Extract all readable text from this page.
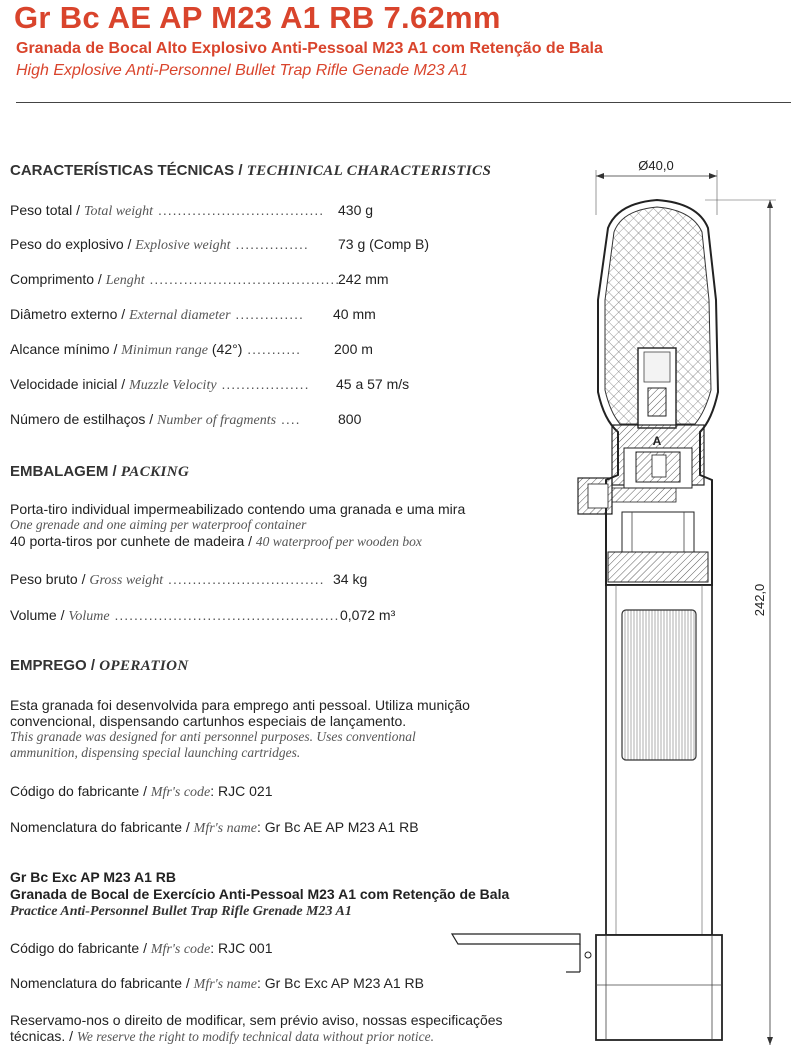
Gr Bc AE AP M23 A1 RB 7.62mm
Granada de Bocal Alto Explosivo Anti-Pessoal M23 A1 com Retenção de Bala
High Explosive Anti-Personnel Bullet Trap Rifle Genade M23 A1
CARACTERÍSTICAS TÉCNICAS / TECHINICAL CHARACTERISTICS
Peso total / Total weight .................................. 430 g
Peso do explosivo / Explosive weight ............... 73 g (Comp B)
Comprimento / Lenght .......................................
242 mm
Diâmetro externo / External diameter .............. 40 mm
Alcance mínimo / Minimun range (42°) ........... 200 m
Velocidade inicial / Muzzle Velocity .................. 45 a 57 m/s
Número de estilhaços / Number of fragments ....	800
EMBALAGEM / PACKING
Porta-tiro individual impermeabilizado contendo uma granada e uma mira
One grenade and one aiming per waterproof container
40 porta-tiros por cunhete de madeira / 40 waterproof per wooden box
Peso bruto / Gross weight ................................ 34 kg
Volume / Volume .............................................. 0,072 m³
EMPREGO / OPERATION
Esta granada foi desenvolvida para emprego anti pessoal. Utiliza munição
convencional, dispensando cartunhos especiais de lançamento.
This granade was designed for anti personnel purposes. Uses conventional
ammunition, dispensing special launching cartridges.
Código do fabricante / Mfr's code: RJC 021
Nomenclatura do fabricante / Mfr's name: Gr Bc AE AP M23 A1 RB
Gr Bc Exc AP M23 A1 RB
Granada de Bocal de Exercício Anti-Pessoal M23 A1 com Retenção de Bala
Practice Anti-Personnel Bullet Trap Rifle Grenade M23 A1
Código do fabricante / Mfr's code: RJC 001
Nomenclatura do fabricante / Mfr's name: Gr Bc Exc AP M23 A1 RB
Reservamo-nos o direito de modificar, sem prévio aviso, nossas especificações
técnicas. / We reserve the right to modify technical data without prior notice.
Ø40,0
242,0
A
